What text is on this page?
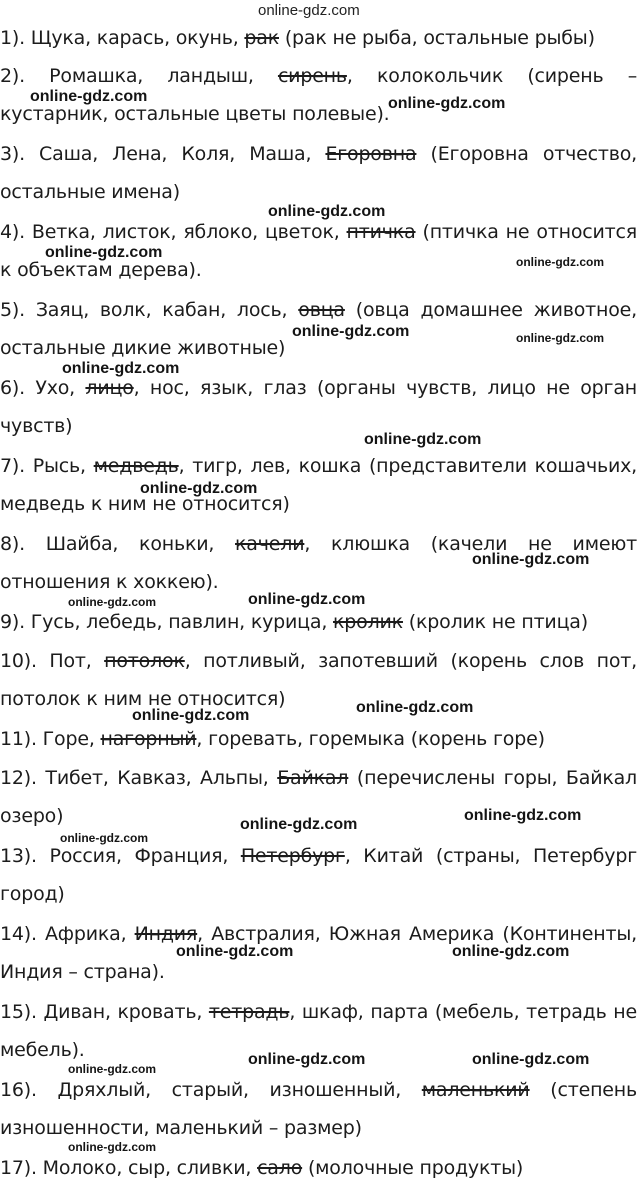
1). Щука, карась, окунь, рак (рак не рыба, остальные рыбы)
2). Ромашка, ландыш, сирень, колокольчик (сирень – кустарник, остальные цветы полевые).
3). Саша, Лена, Коля, Маша, Егоровна (Егоровна отчество, остальные имена)
4). Ветка, листок, яблоко, цветок, птичка (птичка не относится к объектам дерева).
5). Заяц, волк, кабан, лось, овца (овца домашнее животное, остальные дикие животные)
6). Ухо, лицо, нос, язык, глаз (органы чувств, лицо не орган чувств)
7). Рысь, медведь, тигр, лев, кошка (представители кошачьих, медведь к ним не относится)
8). Шайба, коньки, качели, клюшка (качели не имеют отношения к хоккею).
9). Гусь, лебедь, павлин, курица, кролик (кролик не птица)
10). Пот, потолок, потливый, запотевший (корень слов пот, потолок к ним не относится)
11). Горе, нагорный, горевать, горемыка (корень горе)
12). Тибет, Кавказ, Альпы, Байкал (перечислены горы, Байкал озеро)
13). Россия, Франция, Петербург, Китай (страны, Петербург город)
14). Африка, Индия, Австралия, Южная Америка (Континенты, Индия – страна).
15). Диван, кровать, тетрадь, шкаф, парта (мебель, тетрадь не мебель).
16). Дряхлый, старый, изношенный, маленький (степень изношенности, маленький – размер)
17). Молоко, сыр, сливки, сало (молочные продукты)
online-gdz.com
online-gdz.com	online-gdz.com
online-gdz.com
online-gdz.com
online-gdz.com
online-gdz.com	online-gdz.com
online-gdz.com
online-gdz.com
online-gdz.com
online-gdz.com
online-gdz.com	online-gdz.com
online-gdz.com
online-gdz.com
online-gdz.com
online-gdz.com
online-gdz.com
online-gdz.com	online-gdz.com
online-gdz.com	online-gdz.com
online-gdz.com
online-gdz.com
